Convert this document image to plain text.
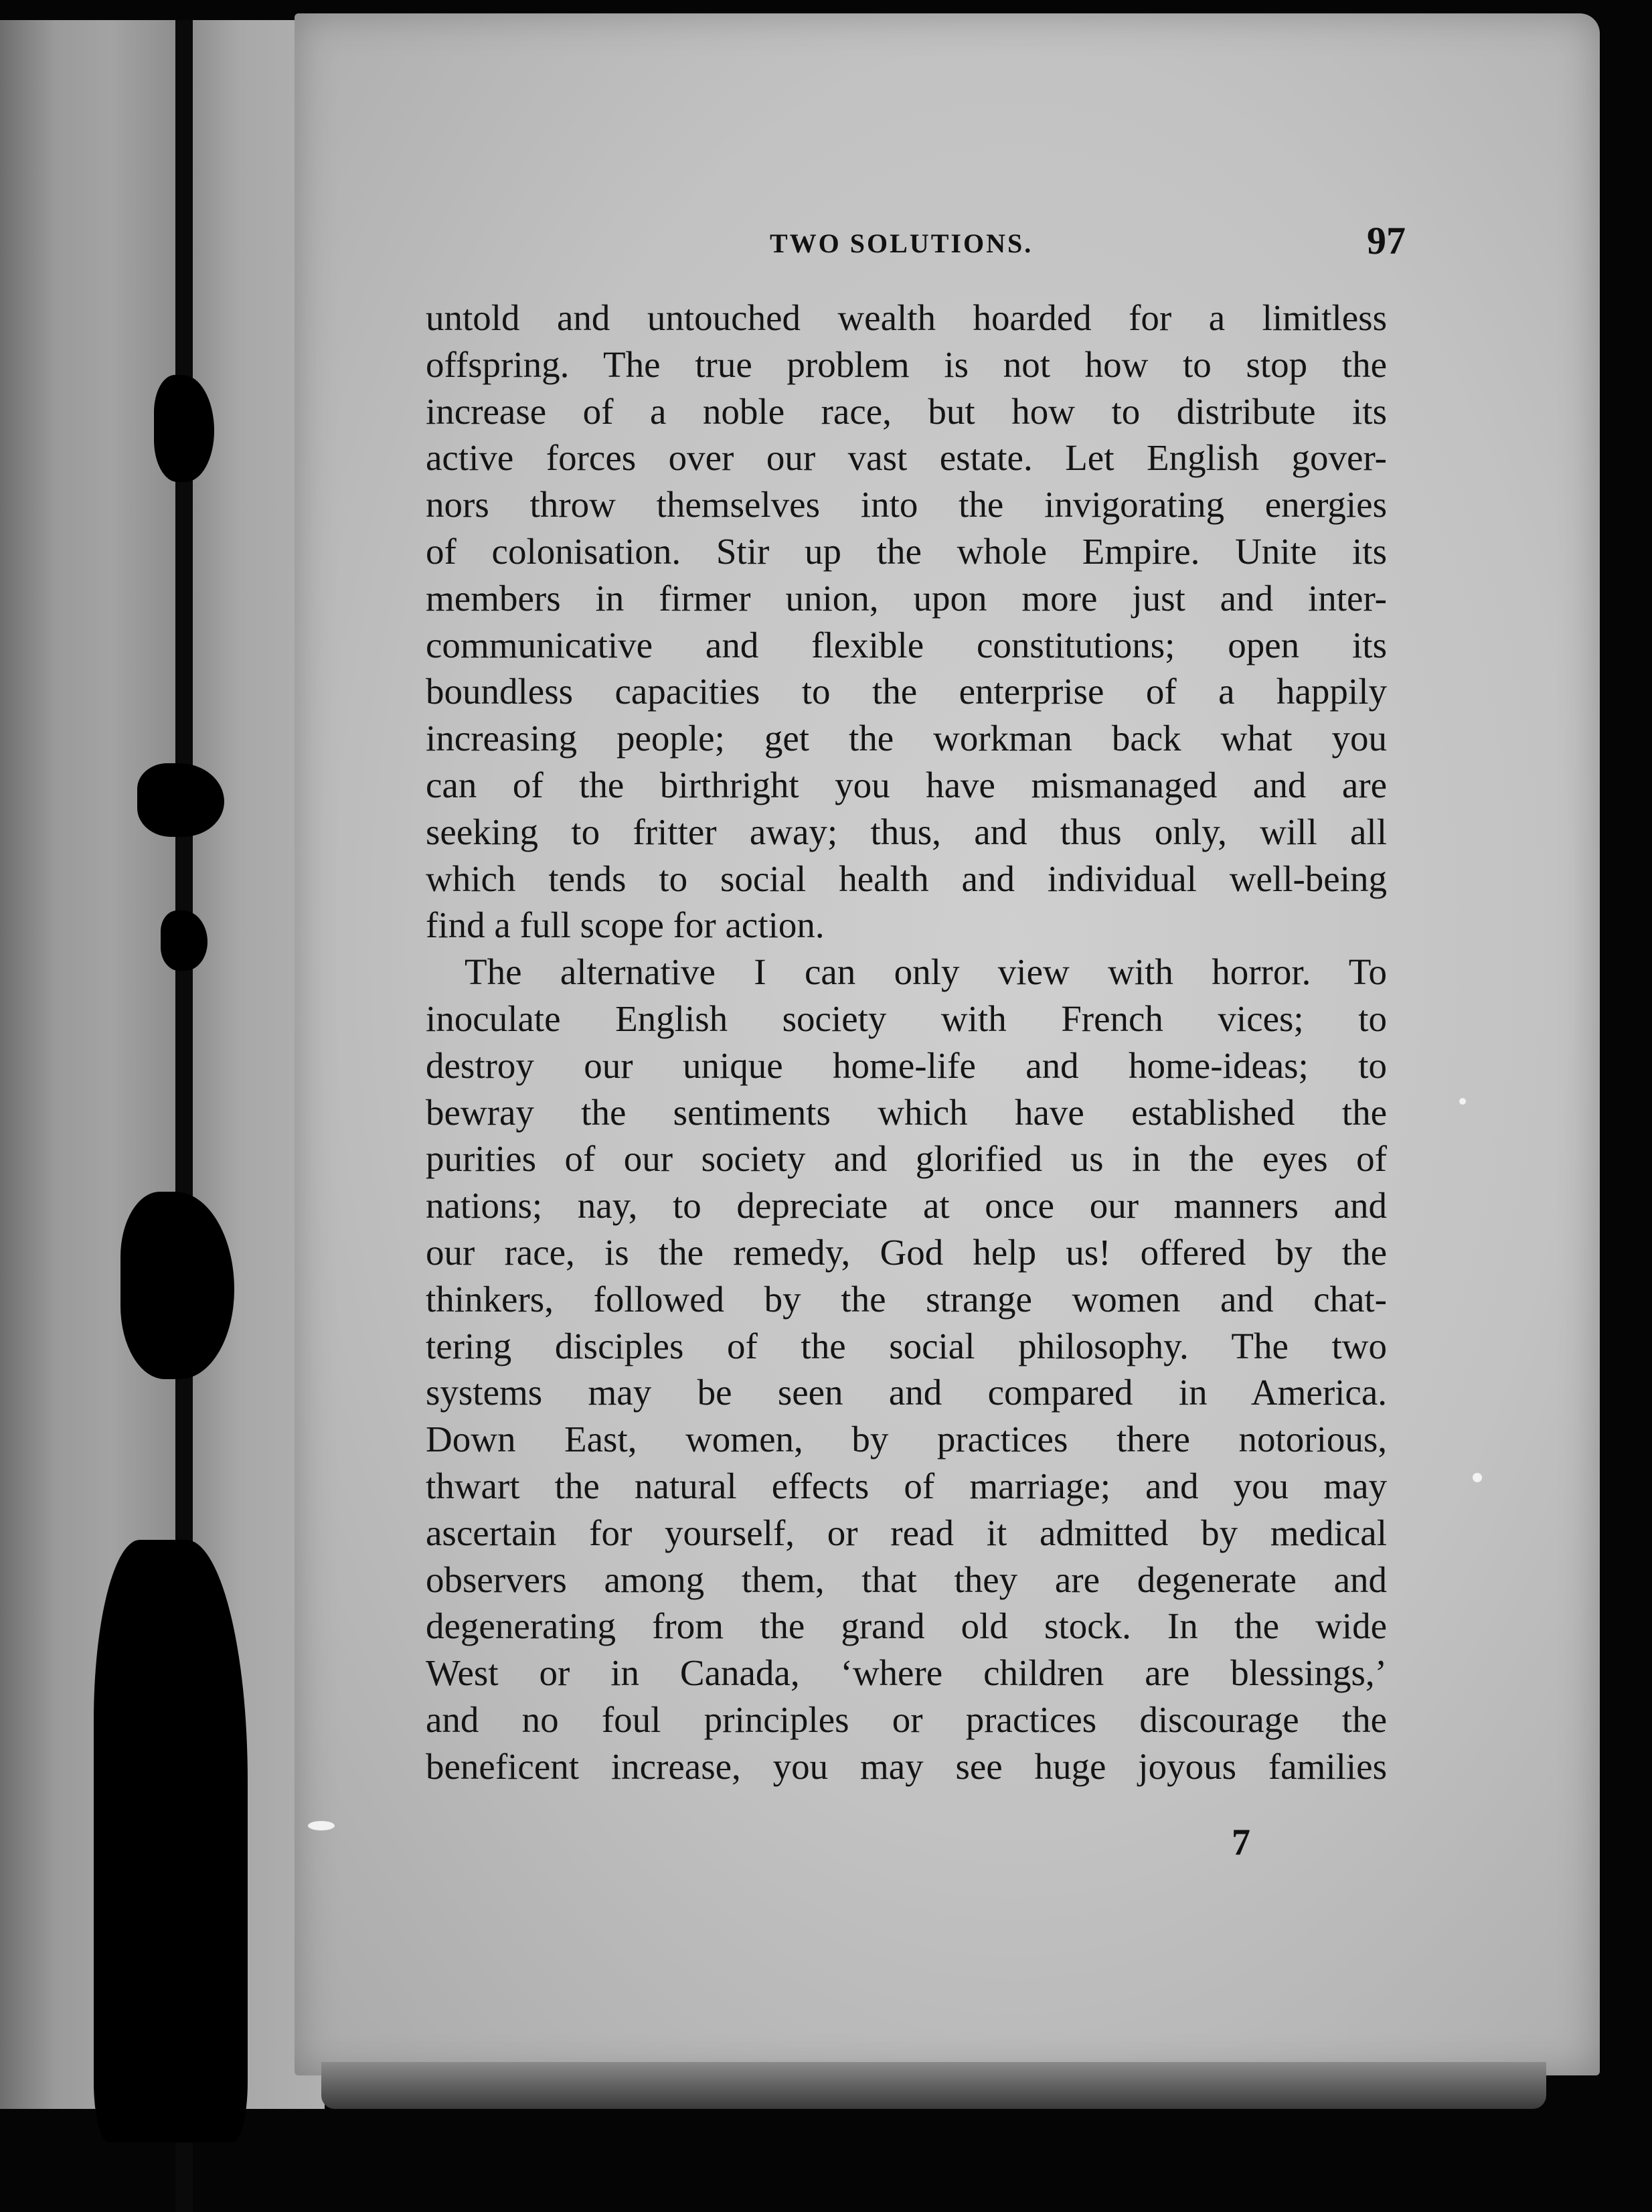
TWO SOLUTIONS.	97
untold and untouched wealth hoarded for a limitless
offspring. The true problem is not how to stop the
increase of a noble race, but how to distribute its
active forces over our vast estate. Let English gover-
nors throw themselves into the invigorating energies
of colonisation. Stir up the whole Empire. Unite its
members in firmer union, upon more just and inter-
communicative and flexible constitutions; open its
boundless capacities to the enterprise of a happily
increasing people; get the workman back what you
can of the birthright you have mismanaged and are
seeking to fritter away; thus, and thus only, will all
which tends to social health and individual well-being
find a full scope for action.
The alternative I can only view with horror. To
inoculate English society with French vices; to
destroy our unique home-life and home-ideas; to
bewray the sentiments which have established the
purities of our society and glorified us in the eyes of
nations; nay, to depreciate at once our manners and
our race, is the remedy, God help us! offered by the
thinkers, followed by the strange women and chat-
tering disciples of the social philosophy. The two
systems may be seen and compared in America.
Down East, women, by practices there notorious,
thwart the natural effects of marriage; and you may
ascertain for yourself, or read it admitted by medical
observers among them, that they are degenerate and
degenerating from the grand old stock. In the wide
West or in Canada, ‘where children are blessings,’
and no foul principles or practices discourage the
beneficent increase, you may see huge joyous families
7
